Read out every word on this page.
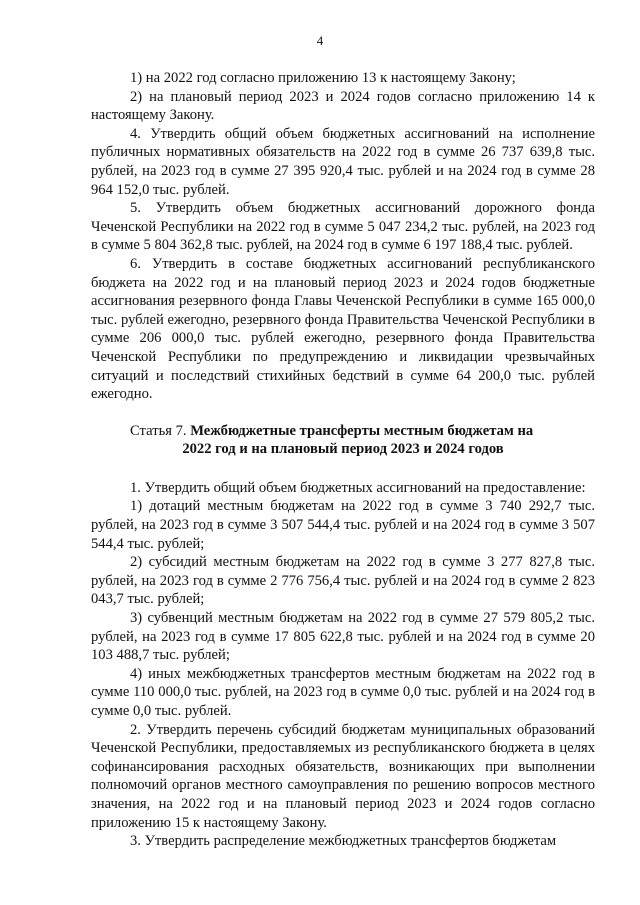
4

1) на 2022 год согласно приложению 13 к настоящему Закону;

2) на плановый период 2023 и 2024 годов согласно приложению 14 к настоящему Закону.

4. Утвердить общий объем бюджетных ассигнований на исполнение публичных нормативных обязательств на 2022 год в сумме 26 737 639,8 тыс. рублей, на 2023 год в сумме 27 395 920,4 тыс. рублей и на 2024 год в сумме 28 964 152,0 тыс. рублей.

5. Утвердить объем бюджетных ассигнований дорожного фонда Чеченской Республики на 2022 год в сумме 5 047 234,2 тыс. рублей, на 2023 год в сумме 5 804 362,8 тыс. рублей, на 2024 год в сумме 6 197 188,4 тыс. рублей.

6. Утвердить в составе бюджетных ассигнований республиканского бюджета на 2022 год и на плановый период 2023 и 2024 годов бюджетные ассигнования резервного фонда Главы Чеченской Республики в сумме 165 000,0 тыс. рублей ежегодно, резервного фонда Правительства Чеченской Республики в сумме 206 000,0 тыс. рублей ежегодно, резервного фонда Правительства Чеченской Республики по предупреждению и ликвидации чрезвычайных ситуаций и последствий стихийных бедствий в сумме 64 200,0 тыс. рублей ежегодно.

Статья 7. Межбюджетные трансферты местным бюджетам на
2022 год и на плановый период 2023 и 2024 годов

1. Утвердить общий объем бюджетных ассигнований на предоставление:

1) дотаций местным бюджетам на 2022 год в сумме 3 740 292,7 тыс. рублей, на 2023 год в сумме 3 507 544,4 тыс. рублей и на 2024 год в сумме 3 507 544,4 тыс. рублей;

2) субсидий местным бюджетам на 2022 год в сумме 3 277 827,8 тыс. рублей, на 2023 год в сумме 2 776 756,4 тыс. рублей и на 2024 год в сумме 2 823 043,7 тыс. рублей;

3) субвенций местным бюджетам на 2022 год в сумме 27 579 805,2 тыс. рублей, на 2023 год в сумме 17 805 622,8 тыс. рублей и на 2024 год в сумме 20 103 488,7 тыс. рублей;

4) иных межбюджетных трансфертов местным бюджетам на 2022 год в сумме 110 000,0 тыс. рублей, на 2023 год в сумме 0,0 тыс. рублей и на 2024 год в сумме 0,0 тыс. рублей.

2. Утвердить перечень субсидий бюджетам муниципальных образований Чеченской Республики, предоставляемых из республиканского бюджета в целях софинансирования расходных обязательств, возникающих при выполнении полномочий органов местного самоуправления по решению вопросов местного значения, на 2022 год и на плановый период 2023 и 2024 годов согласно приложению 15 к настоящему Закону.

3. Утвердить распределение межбюджетных трансфертов бюджетам
